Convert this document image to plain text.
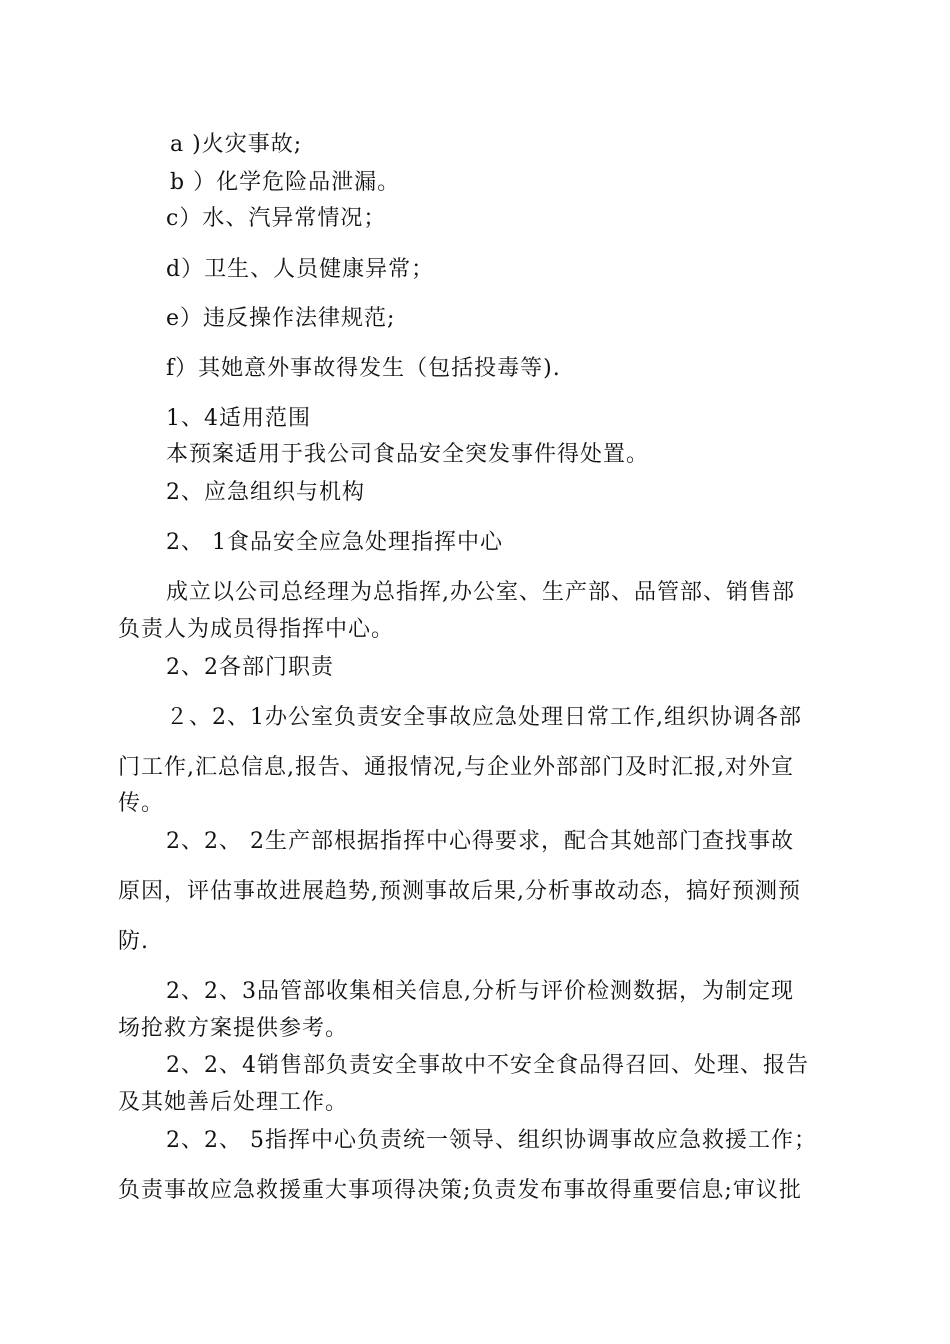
a )火灾事故;
b ）化学危险品泄漏。
c）水、汽异常情况；
d）卫生、人员健康异常；
e）违反操作法律规范;
f）其她意外事故得发生（包括投毒等).
1、4适用范围
本预案适用于我公司食品安全突发事件得处置。
2、应急组织与机构
2、 1食品安全应急处理指挥中心
成立以公司总经理为总指挥,办公室、生产部、品管部、销售部
负责人为成员得指挥中心。
2、2各部门职责
２、2、1办公室负责安全事故应急处理日常工作,组织协调各部
门工作,汇总信息,报告、通报情况,与企业外部部门及时汇报,对外宣
传。
2、2、 2生产部根据指挥中心得要求，配合其她部门查找事故
原因，评估事故进展趋势,预测事故后果,分析事故动态，搞好预测预
防.
2、2、3品管部收集相关信息,分析与评价检测数据，为制定现
场抢救方案提供参考。
2、2、4销售部负责安全事故中不安全食品得召回、处理、报告
及其她善后处理工作。
2、2、 5指挥中心负责统一领导、组织协调事故应急救援工作；
负责事故应急救援重大事项得决策;负责发布事故得重要信息;审议批
